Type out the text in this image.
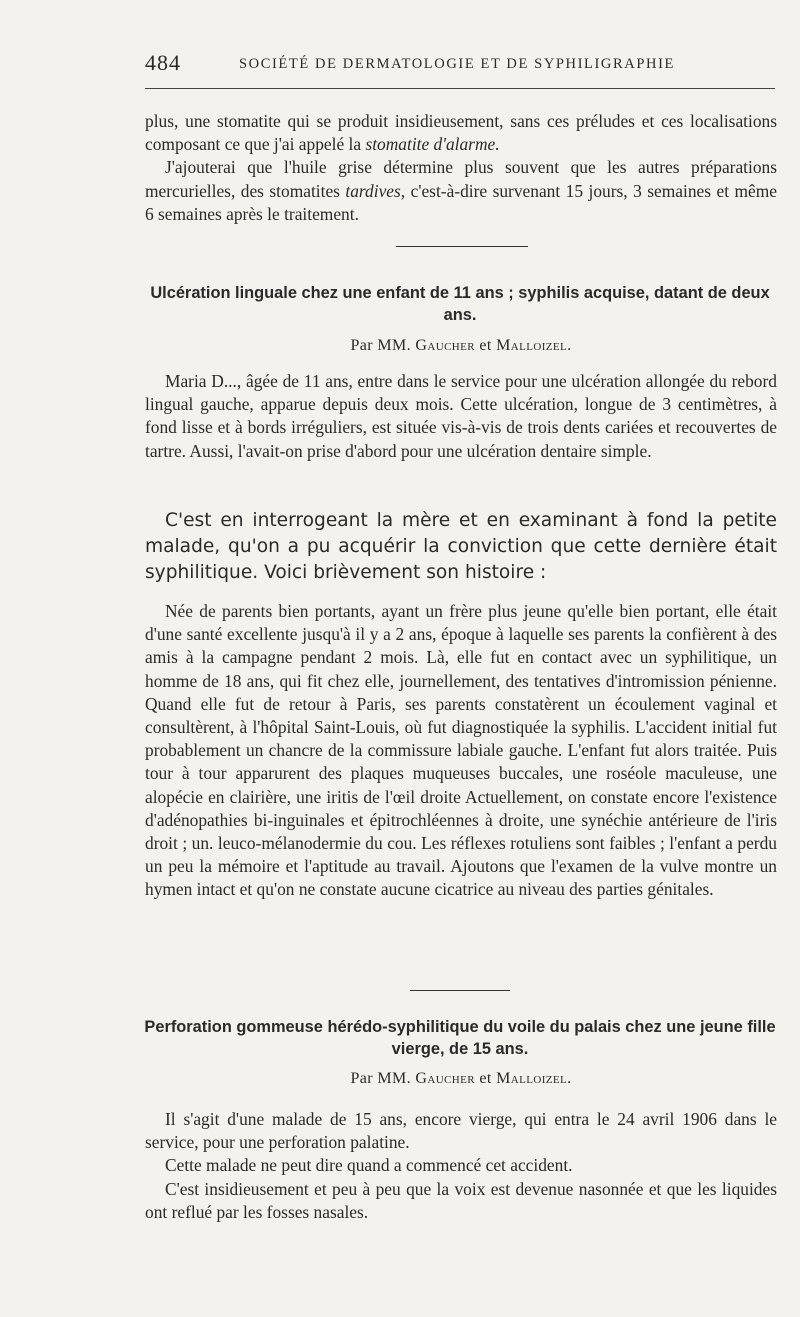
484	SOCIÉTÉ DE DERMATOLOGIE ET DE SYPHILIGRAPHIE

plus, une stomatite qui se produit insidieusement, sans ces préludes et ces localisations composant ce que j'ai appelé la stomatite d'alarme.

J'ajouterai que l'huile grise détermine plus souvent que les autres préparations mercurielles, des stomatites tardives, c'est-à-dire survenant 15 jours, 3 semaines et même 6 semaines après le traitement.

Ulcération linguale chez une enfant de 11 ans ; syphilis acquise, datant de deux ans.
Par MM. Gaucher et Malloizel.

Maria D..., âgée de 11 ans, entre dans le service pour une ulcération allongée du rebord lingual gauche, apparue depuis deux mois. Cette ulcération, longue de 3 centimètres, à fond lisse et à bords irréguliers, est située vis-à-vis de trois dents cariées et recouvertes de tartre. Aussi, l'avait-on prise d'abord pour une ulcération dentaire simple.

C'est en interrogeant la mère et en examinant à fond la petite malade, qu'on a pu acquérir la conviction que cette dernière était syphilitique. Voici brièvement son histoire :

Née de parents bien portants, ayant un frère plus jeune qu'elle bien portant, elle était d'une santé excellente jusqu'à il y a 2 ans, époque à laquelle ses parents la confièrent à des amis à la campagne pendant 2 mois. Là, elle fut en contact avec un syphilitique, un homme de 18 ans, qui fit chez elle, journellement, des tentatives d'intromission pénienne. Quand elle fut de retour à Paris, ses parents constatèrent un écoulement vaginal et consultèrent, à l'hôpital Saint-Louis, où fut diagnostiquée la syphilis. L'accident initial fut probablement un chancre de la commissure labiale gauche. L'enfant fut alors traitée. Puis tour à tour apparurent des plaques muqueuses buccales, une roséole maculeuse, une alopécie en clairière, une iritis de l'œil droite Actuellement, on constate encore l'existence d'adénopathies bi-inguinales et épitrochléennes à droite, une synéchie antérieure de l'iris droit ; un. leuco-mélanodermie du cou. Les réflexes rotuliens sont faibles ; l'enfant a perdu un peu la mémoire et l'aptitude au travail. Ajoutons que l'examen de la vulve montre un hymen intact et qu'on ne constate aucune cicatrice au niveau des parties génitales.

Perforation gommeuse hérédo-syphilitique du voile du palais chez une jeune fille vierge, de 15 ans.
Par MM. Gaucher et Malloizel.

Il s'agit d'une malade de 15 ans, encore vierge, qui entra le 24 avril 1906 dans le service, pour une perforation palatine.

Cette malade ne peut dire quand a commencé cet accident.

C'est insidieusement et peu à peu que la voix est devenue nasonnée et que les liquides ont reflué par les fosses nasales.
